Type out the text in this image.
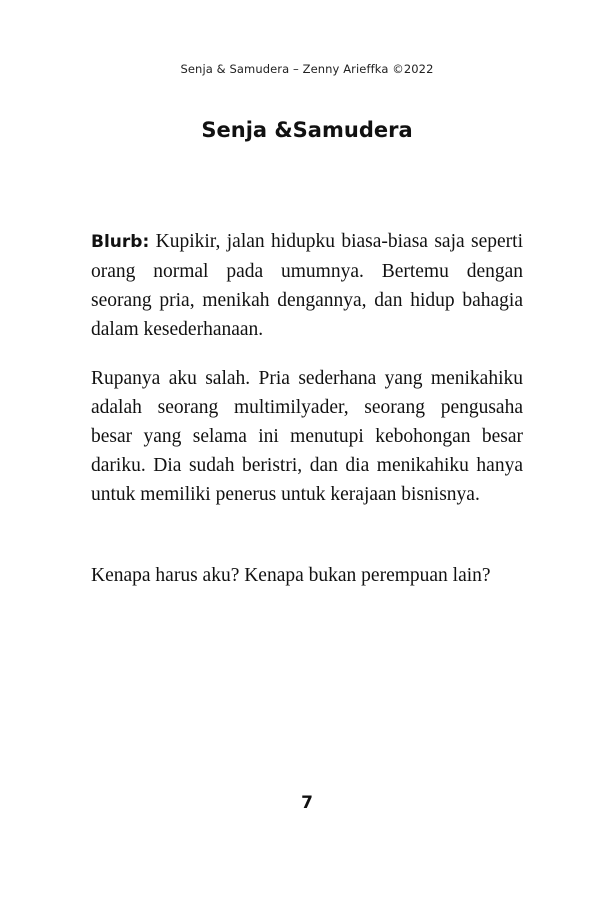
Senja & Samudera – Zenny Arieffka ©2022
Senja &Samudera

Blurb: Kupikir, jalan hidupku biasa-biasa saja seperti orang normal pada umumnya. Bertemu dengan seorang pria, menikah dengannya, dan hidup bahagia dalam kesederhanaan.

Rupanya aku salah. Pria sederhana yang menikahiku adalah seorang multimilyader, seorang pengusaha besar yang selama ini menutupi kebohongan besar dariku. Dia sudah beristri, dan dia menikahiku hanya untuk memiliki penerus untuk kerajaan bisnisnya.

Kenapa harus aku? Kenapa bukan perempuan lain?

7
